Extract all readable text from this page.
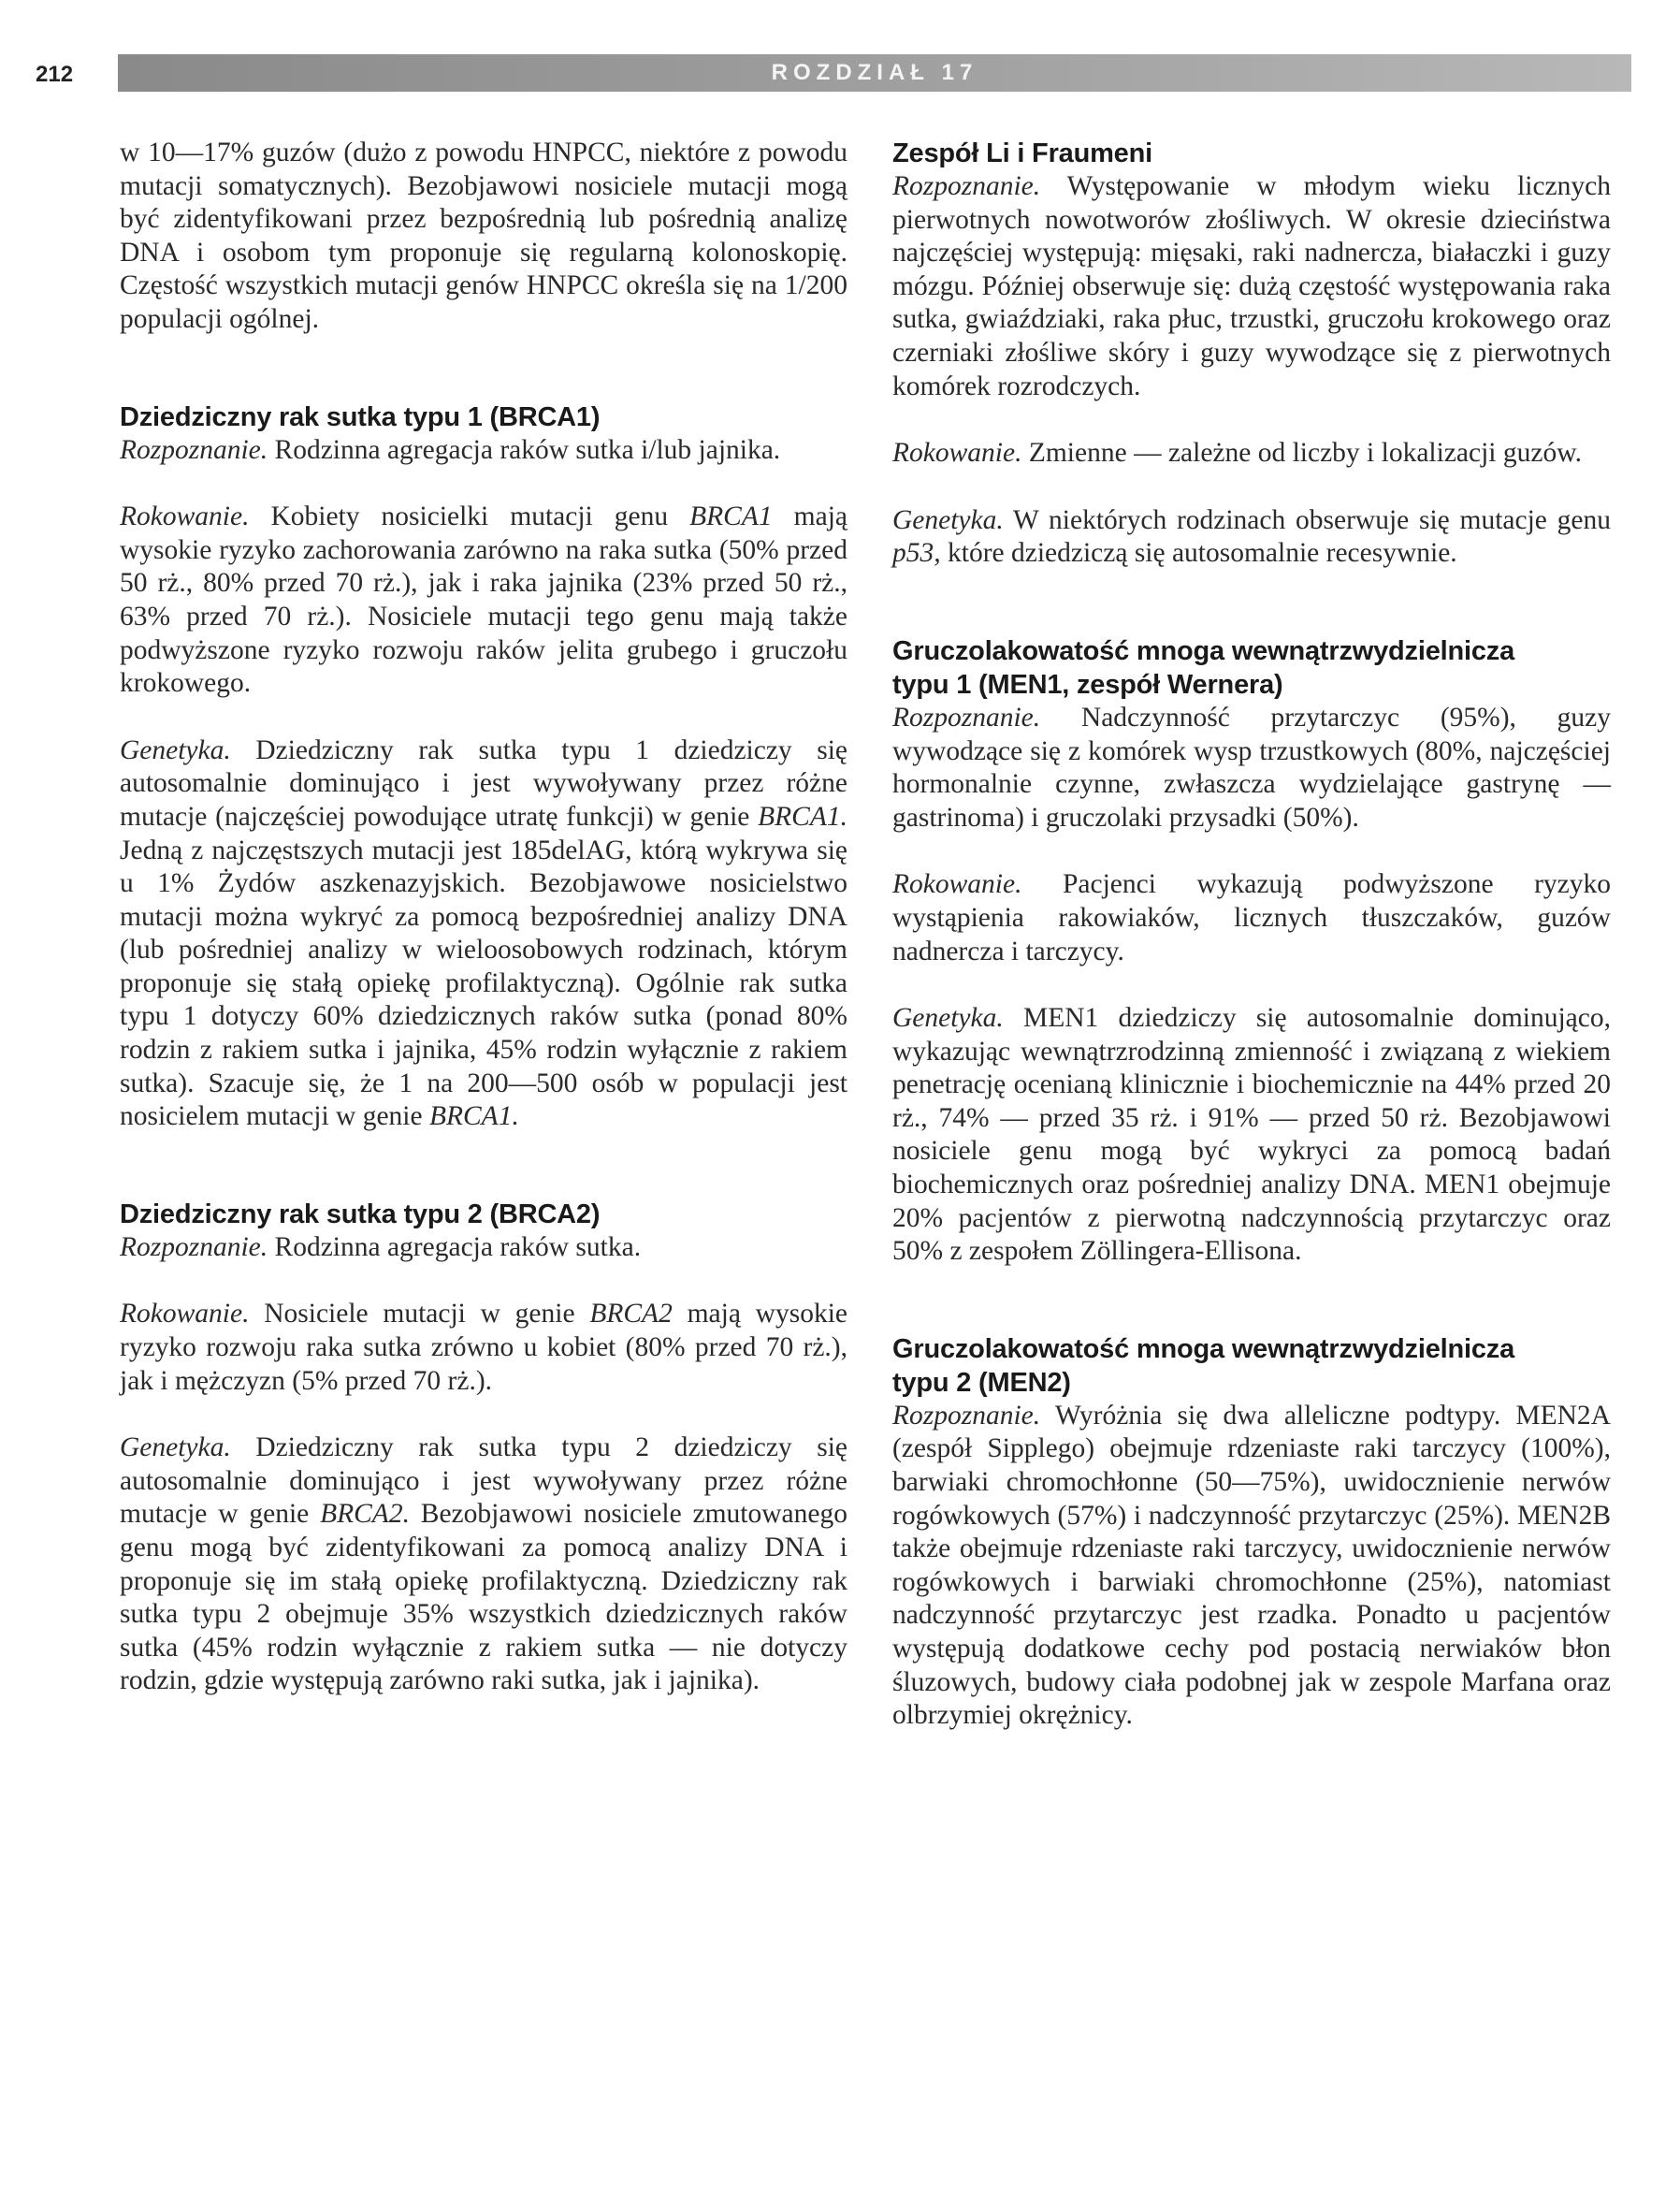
212	ROZDZIAŁ 17

w 10—17% guzów (dużo z powodu HNPCC, niektóre z powodu mutacji somatycznych). Bezobjawowi nosiciele mutacji mogą być zidentyfikowani przez bezpośrednią lub pośrednią analizę DNA i osobom tym proponuje się regularną kolonoskopię. Częstość wszystkich mutacji genów HNPCC określa się na 1/200 populacji ogólnej.

Dziedziczny rak sutka typu 1 (BRCA1)

Rozpoznanie. Rodzinna agregacja raków sutka i/lub jajnika.

Rokowanie. Kobiety nosicielki mutacji genu BRCA1 mają wysokie ryzyko zachorowania zarówno na raka sutka (50% przed 50 rż., 80% przed 70 rż.), jak i raka jajnika (23% przed 50 rż., 63% przed 70 rż.). Nosiciele mutacji tego genu mają także podwyższone ryzyko rozwoju raków jelita grubego i gruczołu krokowego.

Genetyka. Dziedziczny rak sutka typu 1 dziedziczy się autosomalnie dominująco i jest wywoływany przez różne mutacje (najczęściej powodujące utratę funkcji) w genie BRCA1. Jedną z najczęstszych mutacji jest 185delAG, którą wykrywa się u 1% Żydów aszkenazyjskich. Bezobjawowe nosicielstwo mutacji można wykryć za pomocą bezpośredniej analizy DNA (lub pośredniej analizy w wieloosobowych rodzinach, którym proponuje się stałą opiekę profilaktyczną). Ogólnie rak sutka typu 1 dotyczy 60% dziedzicznych raków sutka (ponad 80% rodzin z rakiem sutka i jajnika, 45% rodzin wyłącznie z rakiem sutka). Szacuje się, że 1 na 200—500 osób w populacji jest nosicielem mutacji w genie BRCA1.

Dziedziczny rak sutka typu 2 (BRCA2)

Rozpoznanie. Rodzinna agregacja raków sutka.

Rokowanie. Nosiciele mutacji w genie BRCA2 mają wysokie ryzyko rozwoju raka sutka zrówno u kobiet (80% przed 70 rż.), jak i mężczyzn (5% przed 70 rż.).

Genetyka. Dziedziczny rak sutka typu 2 dziedziczy się autosomalnie dominująco i jest wywoływany przez różne mutacje w genie BRCA2. Bezobjawowi nosiciele zmutowanego genu mogą być zidentyfikowani za pomocą analizy DNA i proponuje się im stałą opiekę profilaktyczną. Dziedziczny rak sutka typu 2 obejmuje 35% wszystkich dziedzicznych raków sutka (45% rodzin wyłącznie z rakiem sutka — nie dotyczy rodzin, gdzie występują zarówno raki sutka, jak i jajnika).

Zespół Li i Fraumeni

Rozpoznanie. Występowanie w młodym wieku licznych pierwotnych nowotworów złośliwych. W okresie dzieciństwa najczęściej występują: mięsaki, raki nadnercza, białaczki i guzy mózgu. Później obserwuje się: dużą częstość występowania raka sutka, gwiaździaki, raka płuc, trzustki, gruczołu krokowego oraz czerniaki złośliwe skóry i guzy wywodzące się z pierwotnych komórek rozrodczych.

Rokowanie. Zmienne — zależne od liczby i lokalizacji guzów.

Genetyka. W niektórych rodzinach obserwuje się mutacje genu p53, które dziedziczą się autosomalnie recesywnie.

Gruczolakowatość mnoga wewnątrzwydzielnicza
typu 1 (MEN1, zespół Wernera)

Rozpoznanie. Nadczynność przytarczyc (95%), guzy wywodzące się z komórek wysp trzustkowych (80%, najczęściej hormonalnie czynne, zwłaszcza wydzielające gastrynę — gastrinoma) i gruczolaki przysadki (50%).

Rokowanie. Pacjenci wykazują podwyższone ryzyko wystąpienia rakowiaków, licznych tłuszczaków, guzów nadnercza i tarczycy.

Genetyka. MEN1 dziedziczy się autosomalnie dominująco, wykazując wewnątrzrodzinną zmienność i związaną z wiekiem penetrację ocenianą klinicznie i biochemicznie na 44% przed 20 rż., 74% — przed 35 rż. i 91% — przed 50 rż. Bezobjawowi nosiciele genu mogą być wykryci za pomocą badań biochemicznych oraz pośredniej analizy DNA. MEN1 obejmuje 20% pacjentów z pierwotną nadczynnością przytarczyc oraz 50% z zespołem Zöllingera-Ellisona.

Gruczolakowatość mnoga wewnątrzwydzielnicza
typu 2 (MEN2)

Rozpoznanie. Wyróżnia się dwa alleliczne podtypy. MEN2A (zespół Sipplego) obejmuje rdzeniaste raki tarczycy (100%), barwiaki chromochłonne (50—75%), uwidocznienie nerwów rogówkowych (57%) i nadczynność przytarczyc (25%). MEN2B także obejmuje rdzeniaste raki tarczycy, uwidocznienie nerwów rogówkowych i barwiaki chromochłonne (25%), natomiast nadczynność przytarczyc jest rzadka. Ponadto u pacjentów występują dodatkowe cechy pod postacią nerwiaków błon śluzowych, budowy ciała podobnej jak w zespole Marfana oraz olbrzymiej okrężnicy.
